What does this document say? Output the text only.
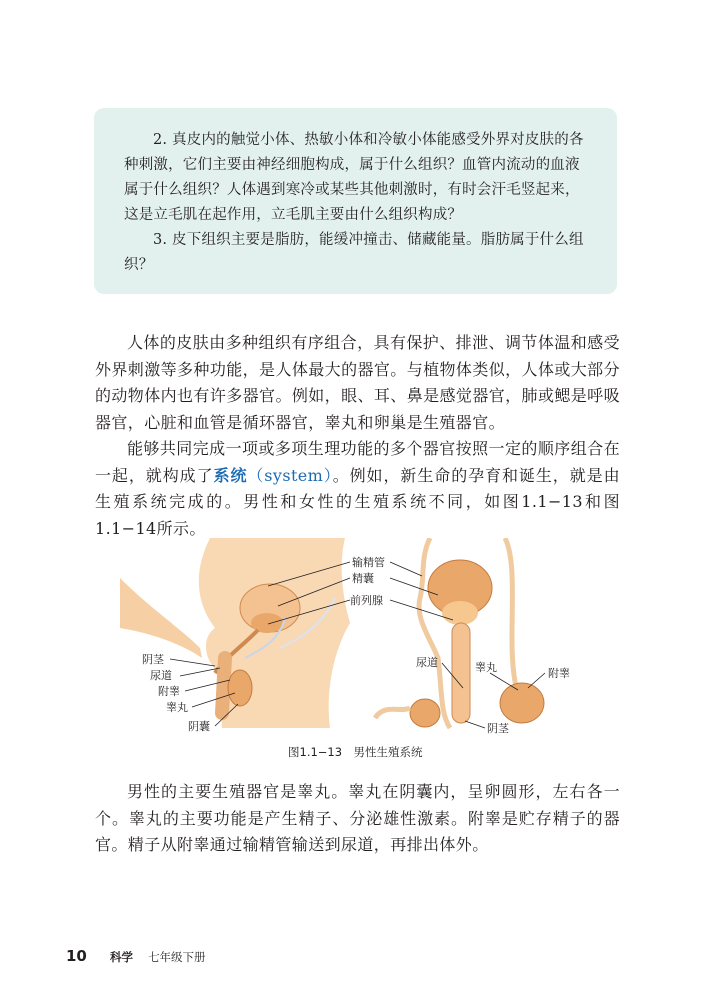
2. 真皮内的触觉小体、热敏小体和冷敏小体能感受外界对皮肤的各种刺激，它们主要由神经细胞构成，属于什么组织？血管内流动的血液属于什么组织？人体遇到寒冷或某些其他刺激时，有时会汗毛竖起来，这是立毛肌在起作用，立毛肌主要由什么组织构成？

3. 皮下组织主要是脂肪，能缓冲撞击、储藏能量。脂肪属于什么组织？

人体的皮肤由多种组织有序组合，具有保护、排泄、调节体温和感受外界刺激等多种功能，是人体最大的器官。与植物体类似，人体或大部分的动物体内也有许多器官。例如，眼、耳、鼻是感觉器官，肺或鳃是呼吸器官，心脏和血管是循环器官，睾丸和卵巢是生殖器官。

能够共同完成一项或多项生理功能的多个器官按照一定的顺序组合在一起，就构成了系统（system）。例如，新生命的孕育和诞生，就是由生殖系统完成的。男性和女性的生殖系统不同，如图1.1−13和图1.1−14所示。

输精管
精囊
前列腺
阴茎
尿道
附睾
睾丸
阴囊
尿道	睾丸	附睾
阴茎
图1.1−13　男性生殖系统

男性的主要生殖器官是睾丸。睾丸在阴囊内，呈卵圆形，左右各一个。睾丸的主要功能是产生精子、分泌雄性激素。附睾是贮存精子的器官。精子从附睾通过输精管输送到尿道，再排出体外。

10 科学 七年级下册
